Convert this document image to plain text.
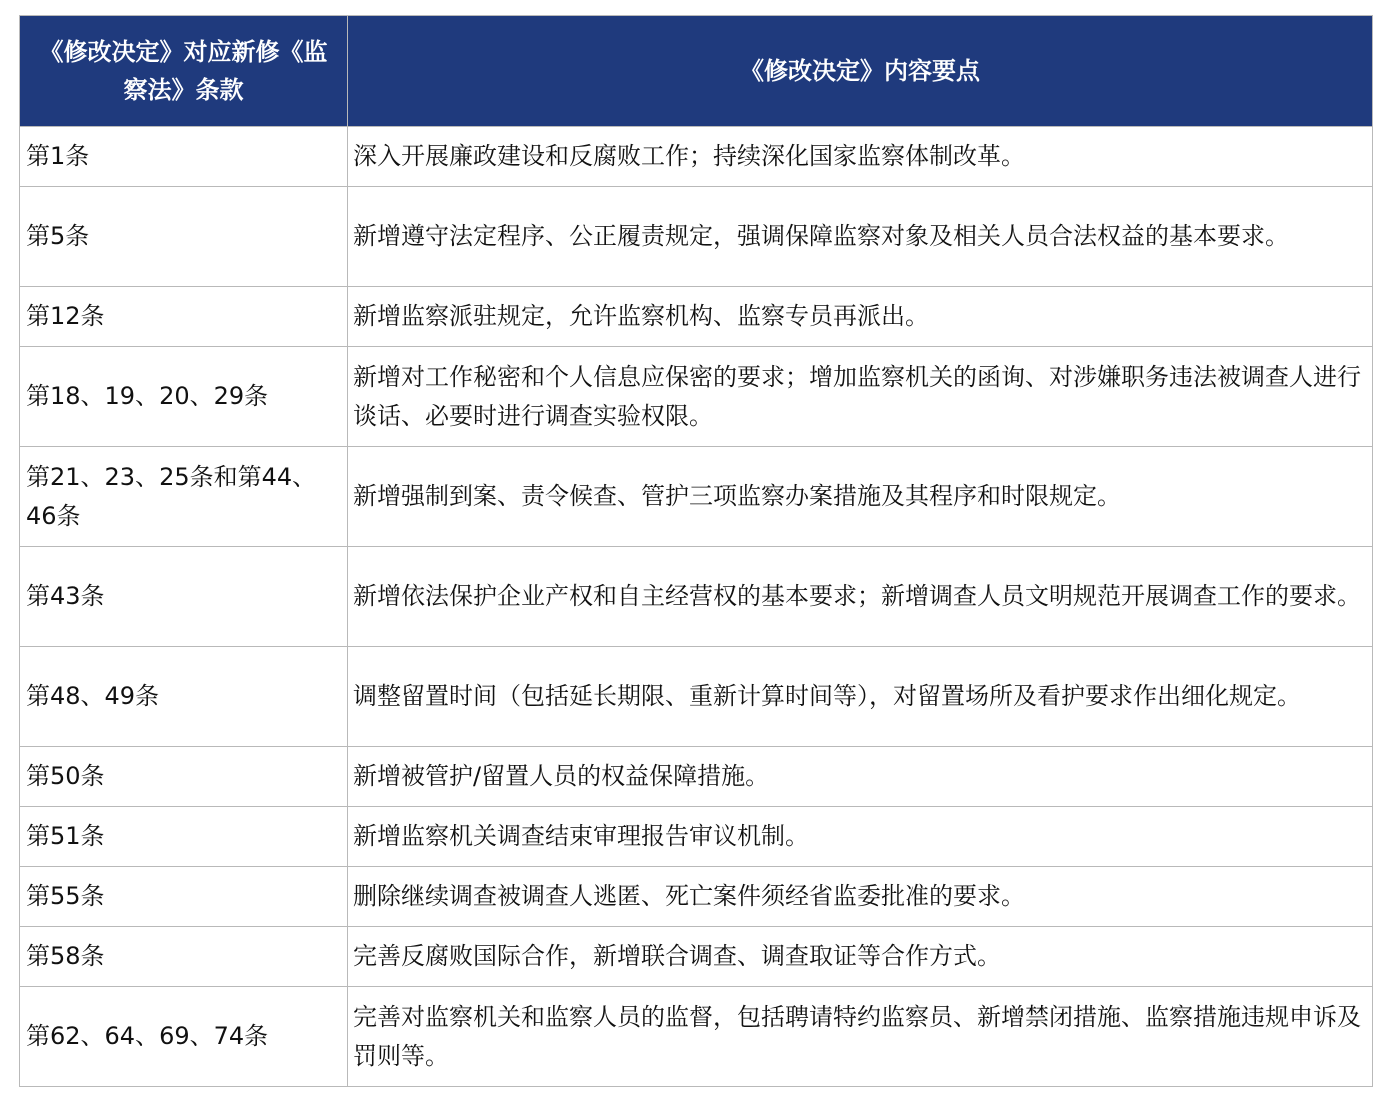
《修改决定》对应新修《监察法》条款	《修改决定》内容要点
第1条	深入开展廉政建设和反腐败工作；持续深化国家监察体制改革。
第5条	新增遵守法定程序、公正履责规定，强调保障监察对象及相关人员合法权益的基本要求。
第12条	新增监察派驻规定，允许监察机构、监察专员再派出。
第18、19、20、29条	新增对工作秘密和个人信息应保密的要求；增加监察机关的函询、对涉嫌职务违法被调查人进行谈话、必要时进行调查实验权限。
第21、23、25条和第44、46条	新增强制到案、责令候查、管护三项监察办案措施及其程序和时限规定。
第43条	新增依法保护企业产权和自主经营权的基本要求；新增调查人员文明规范开展调查工作的要求。
第48、49条	调整留置时间（包括延长期限、重新计算时间等），对留置场所及看护要求作出细化规定。
第50条	新增被管护/留置人员的权益保障措施。
第51条	新增监察机关调查结束审理报告审议机制。
第55条	删除继续调查被调查人逃匿、死亡案件须经省监委批准的要求。
第58条	完善反腐败国际合作，新增联合调查、调查取证等合作方式。
第62、64、69、74条	完善对监察机关和监察人员的监督，包括聘请特约监察员、新增禁闭措施、监察措施违规申诉及罚则等。
